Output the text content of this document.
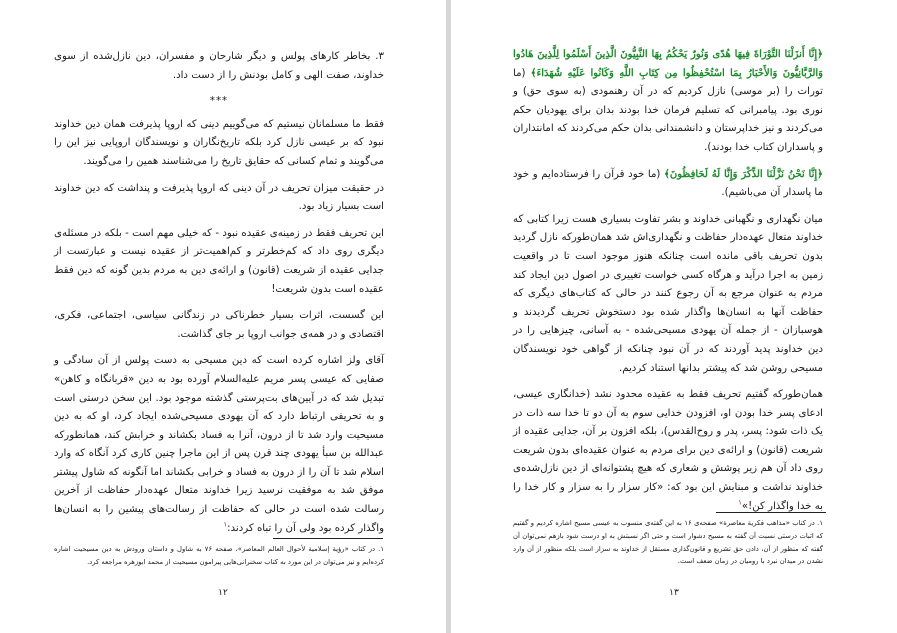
۳. بخاطر کارهای پولس و دیگر شارحان و مفسران، دین نازل‌شده از سوی خداوند، صفت الهی و کامل بودنش را از دست داد.

***

فقط ما مسلمانان نیستیم که می‌گوییم دینی که اروپا پذیرفت همان دین خداوند نبود که بر عیسی نازل کرد بلکه تاریخ‌نگاران و نویسندگان اروپایی نیز این را می‌گویند و تمام کسانی که حقایق تاریخ را می‌شناسند همین را می‌گویند.

در حقیقت میزان تحریف در آن دینی که اروپا پذیرفت و پنداشت که دین خداوند است بسیار زیاد بود.

این تحریف فقط در زمینه‌ی عقیده نبود - که خیلی مهم است - بلکه در مسئله‌ی دیگری روی داد که کم‌خطرتر و کم‌اهمیت‌تر از عقیده نیست و عبارتست از جدایی عقیده از شریعت (قانون) و ارائه‌ی دین به مردم بدین گونه که دین فقط عقیده است بدون شریعت!

این گسست، اثرات بسیار خطرناکی در زندگانی سیاسی، اجتماعی، فکری، اقتصادی و در همه‌ی جوانب اروپا بر جای گذاشت.

آقای ولز اشاره کرده است که دین مسیحی به دست پولس از آن سادگی و صفایی که عیسی پسر مریم علیه‌السلام آورده بود به دین «قربانگاه و کاهن» تبدیل شد که در آیین‌های بت‌پرستی گذشته موجود بود. این سخن درستی است و به تحریفی ارتباط دارد که آن یهودی مسیحی‌شده ایجاد کرد، او که به دین مسیحیت وارد شد تا از درون، آنرا به فساد بکشاند و خرابش کند، همانطورکه عبدالله بن سبأ یهودی چند قرن پس از این ماجرا چنین کاری کرد آنگاه که وارد اسلام شد تا آن را از درون به فساد و خرابی بکشاند اما آنگونه که شاول پیشتر موفق شد به موفقیت نرسید زیرا خداوند متعال عهده‌دار حفاظت از آخرین رسالت شده است در حالی که حفاظت از رسالت‌های پیشین را به انسان‌ها واگذار کرده بود ولی آن را تباه کردند:$^۱$

۱. در کتاب «رؤیة إسلامیة لأحوال العالم المعاصر»، صفحه ۷۶ به شاول و داستان ورودش به دین مسیحیت اشاره کرده‌ایم و نیز می‌توان در این مورد به کتاب سخنرانی‌هایی پیرامون مسیحیت از محمد ابوزهره مراجعه کرد.
۱۲

﴿إِنَّا أَنزَلْنَا التَّوْرَاةَ فِيهَا هُدًى وَنُورٌ يَحْكُمُ بِهَا النَّبِيُّونَ الَّذِينَ أَسْلَمُوا لِلَّذِينَ هَادُوا وَالرَّبَّانِيُّونَ وَالأَحْبَارُ بِمَا اسْتُحْفِظُوا مِن كِتَابِ اللَّهِ وَكَانُوا عَلَيْهِ شُهَدَاءَ﴾ (ما تورات را (بر موسی) نازل کردیم که در آن رهنمودی (به سوی حق) و نوری بود. پیامبرانی که تسلیم فرمان خدا بودند بدان برای یهودیان حکم می‌کردند و نیز خداپرستان و دانشمندانی بدان حکم می‌کردند که امانتداران و پاسداران کتاب خدا بودند).

﴿إِنَّا نَحْنُ نَزَّلْنَا الذِّكْرَ وَإِنَّا لَهُ لَحَافِظُونَ﴾ (ما خود قرآن را فرستاده‌ایم و خود ما پاسدار آن می‌باشیم).

میان نگهداری و نگهبانی خداوند و بشر تفاوت بسیاری هست زیرا کتابی که خداوند متعال عهده‌دار حفاظت و نگهداری‌اش شد همان‌طورکه نازل گردید بدون تحریف باقی مانده است چنانکه هنوز موجود است تا در واقعیت زمین به اجرا درآید و هرگاه کسی خواست تغییری در اصول دین ایجاد کند مردم به عنوان مرجع به آن رجوع کنند در حالی که کتاب‌های دیگری که حفاظت آنها به انسان‌ها واگذار شده بود دستخوش تحریف گردیدند و هوسبازان - از جمله آن یهودی مسیحی‌شده - به آسانی، چیزهایی را در دین خداوند پدید آوردند که در آن نبود چنانکه از گواهی خود نویسندگان مسیحی روشن شد که پیشتر بدانها استناد کردیم.

همان‌طورکه گفتیم تحریف فقط به عقیده محدود نشد (خدانگاری عیسی، ادعای پسر خدا بودن او، افزودن خدایی سوم به آن دو تا خدا سه ذات در یک ذات شود: پسر، پدر و روح‌القدس)، بلکه افزون بر آن، جدایی عقیده از شریعت (قانون) و ارائه‌ی دین برای مردم به عنوان عقیده‌ای بدون شریعت روی داد آن هم زیر پوشش و شعاری که هیچ پشتوانه‌ای از دین نازل‌شده‌ی خداوند نداشت و مبنایش این بود که: «کار سزار را به سزار و کار خدا را به خدا واگذار کن!»$^۱$

۱. در کتاب «مذاهب فكرية معاصرة» صفحه‌ی ۱۶ به این گفته‌ی منسوب به عیسی مسیح اشاره کردیم و گفتیم که اثبات درستی نسبت آن گفته به مسیح دشوار است و حتی اگر نسبتش به او درست شود بازهم نمی‌توان آن گفته که منظور از آن، دادن حق تشریع و قانون‌گذاری مستقل از خداوند به سزار است بلکه منظور از آن وارد نشدن در میدان نبرد با رومیان در زمان ضعف است.
۱۳
